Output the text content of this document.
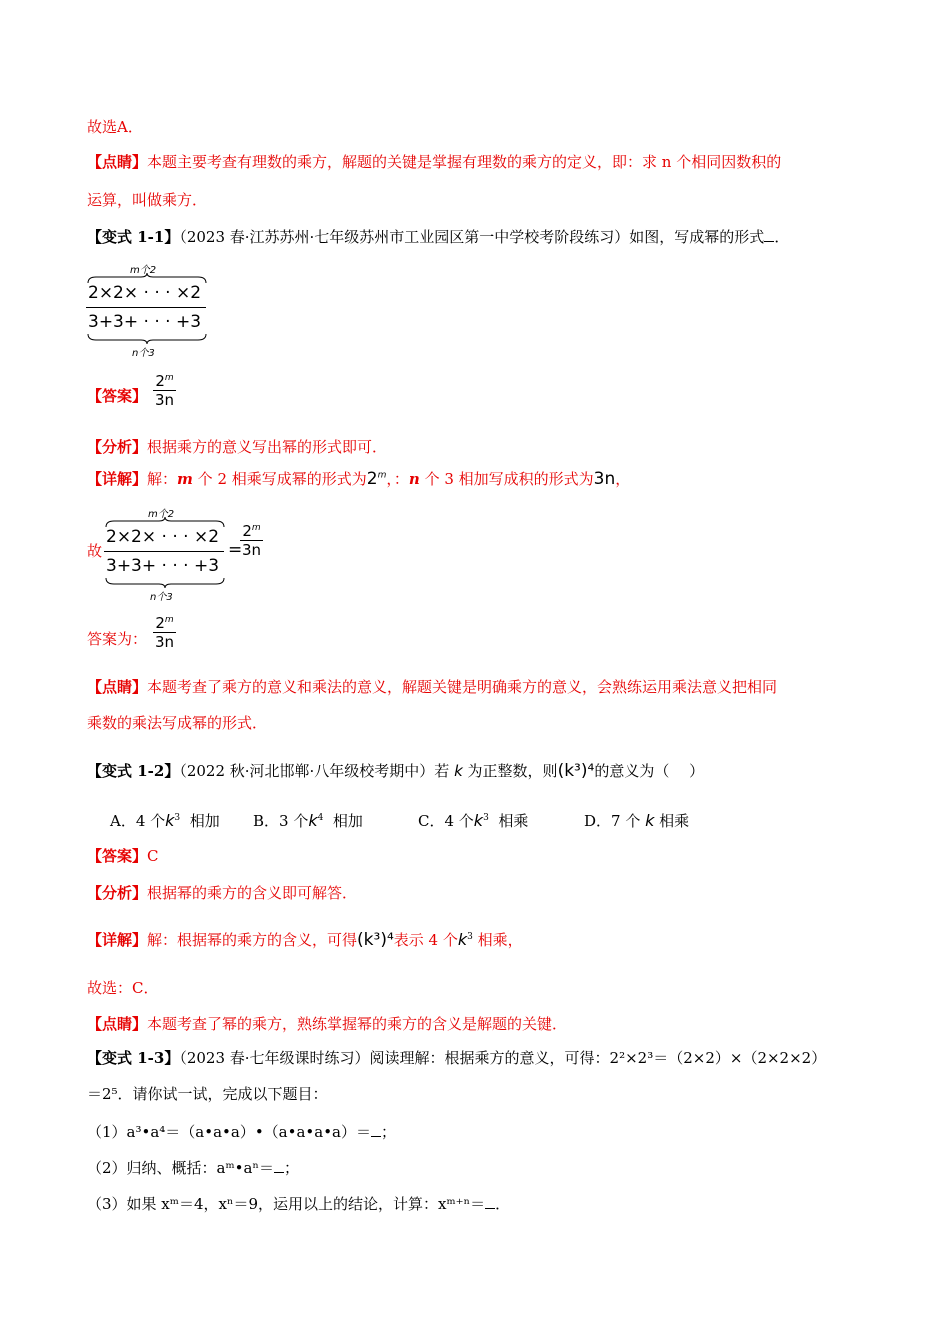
故选A．
【点睛】本题主要考查有理数的乘方，解题的关键是掌握有理数的乘方的定义，即：求 n 个相同因数积的
运算，叫做乘方．
【变式 1-1】（2023 春·江苏苏州·七年级苏州市工业园区第一中学校考阶段练习）如图，写成幂的形式 ．
m个2
2×2× · · · ×2
3+3+ · · · +3
n个3
【答案】
2$^m$
3n
【分析】根据乘方的意义写出幂的形式即可．
【详解】解：m 个 2 相乘写成幂的形式为2$^m$，：n 个 3 相加写成积的形式为3n，
故
m个2
2×2× · · · ×2
3+3+ · · · +3
n个3
=
$2^m$
3n
答案为：
2$^m$
3n
【点睛】本题考查了乘方的意义和乘法的意义，解题关键是明确乘方的意义，会熟练运用乘法意义把相同
乘数的乘法写成幂的形式．
【变式 1-2】（2022 秋·河北邯郸·八年级校考期中）若 k 为正整数，则(k³)⁴的意义为（　 ）
A．4 个$k^3$  相加 B．3 个$k^4$  相加	C．4 个$k^3$  相乘	D．7 个 k 相乘
【答案】C
【分析】根据幂的乘方的含义即可解答．
【详解】解：根据幂的乘方的含义，可得(k³)⁴表示 4 个$k^3$ 相乘，
故选：C．
【点睛】本题考查了幂的乘方，熟练掌握幂的乘方的含义是解题的关键．
【变式 1-3】（2023 春·七年级课时练习）阅读理解：根据乘方的意义，可得：2²×2³＝（2×2）×（2×2×2）
＝2⁵．请你试一试，完成以下题目：
（1）a³•a⁴＝（a•a•a）•（a•a•a•a）＝ ；
（2）归纳、概括：aᵐ•aⁿ＝ ；
（3）如果 xᵐ＝4，xⁿ＝9，运用以上的结论，计算：xᵐ⁺ⁿ＝ ．
